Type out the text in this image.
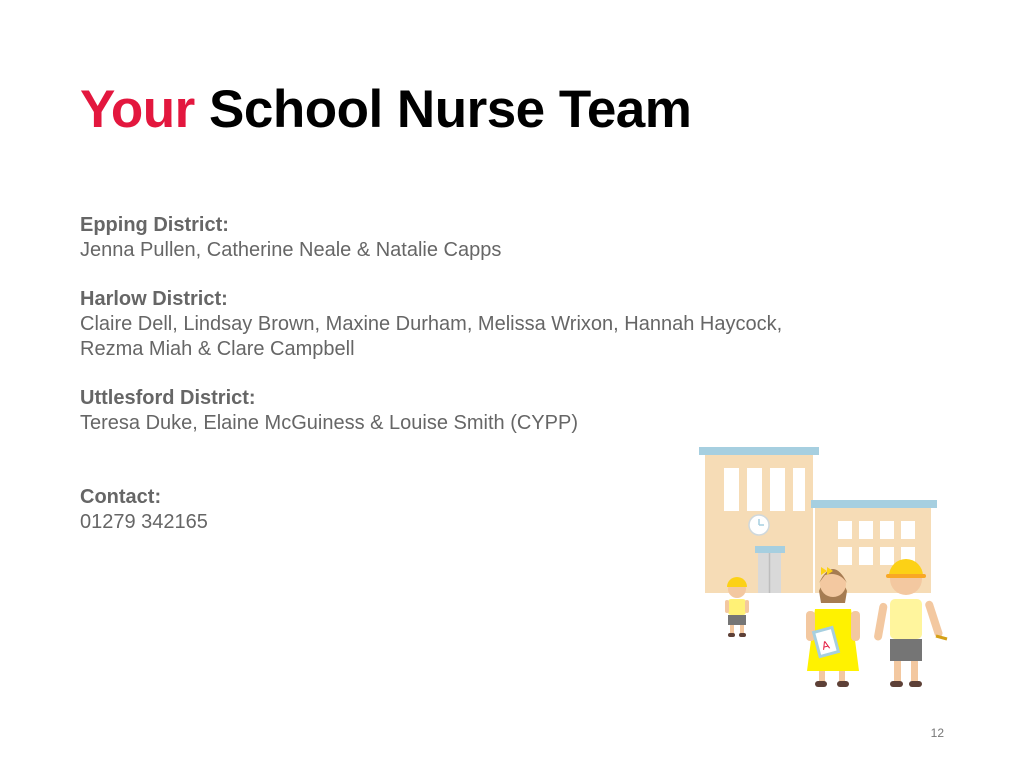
Your School Nurse Team
Epping District:
Jenna Pullen, Catherine Neale & Natalie Capps
Harlow District:
Claire Dell, Lindsay Brown, Maxine Durham, Melissa Wrixon, Hannah Haycock,
Rezma Miah & Clare Campbell
Uttlesford District:
Teresa Duke, Elaine McGuiness & Louise Smith (CYPP)
Contact:
01279 342165
A
12
